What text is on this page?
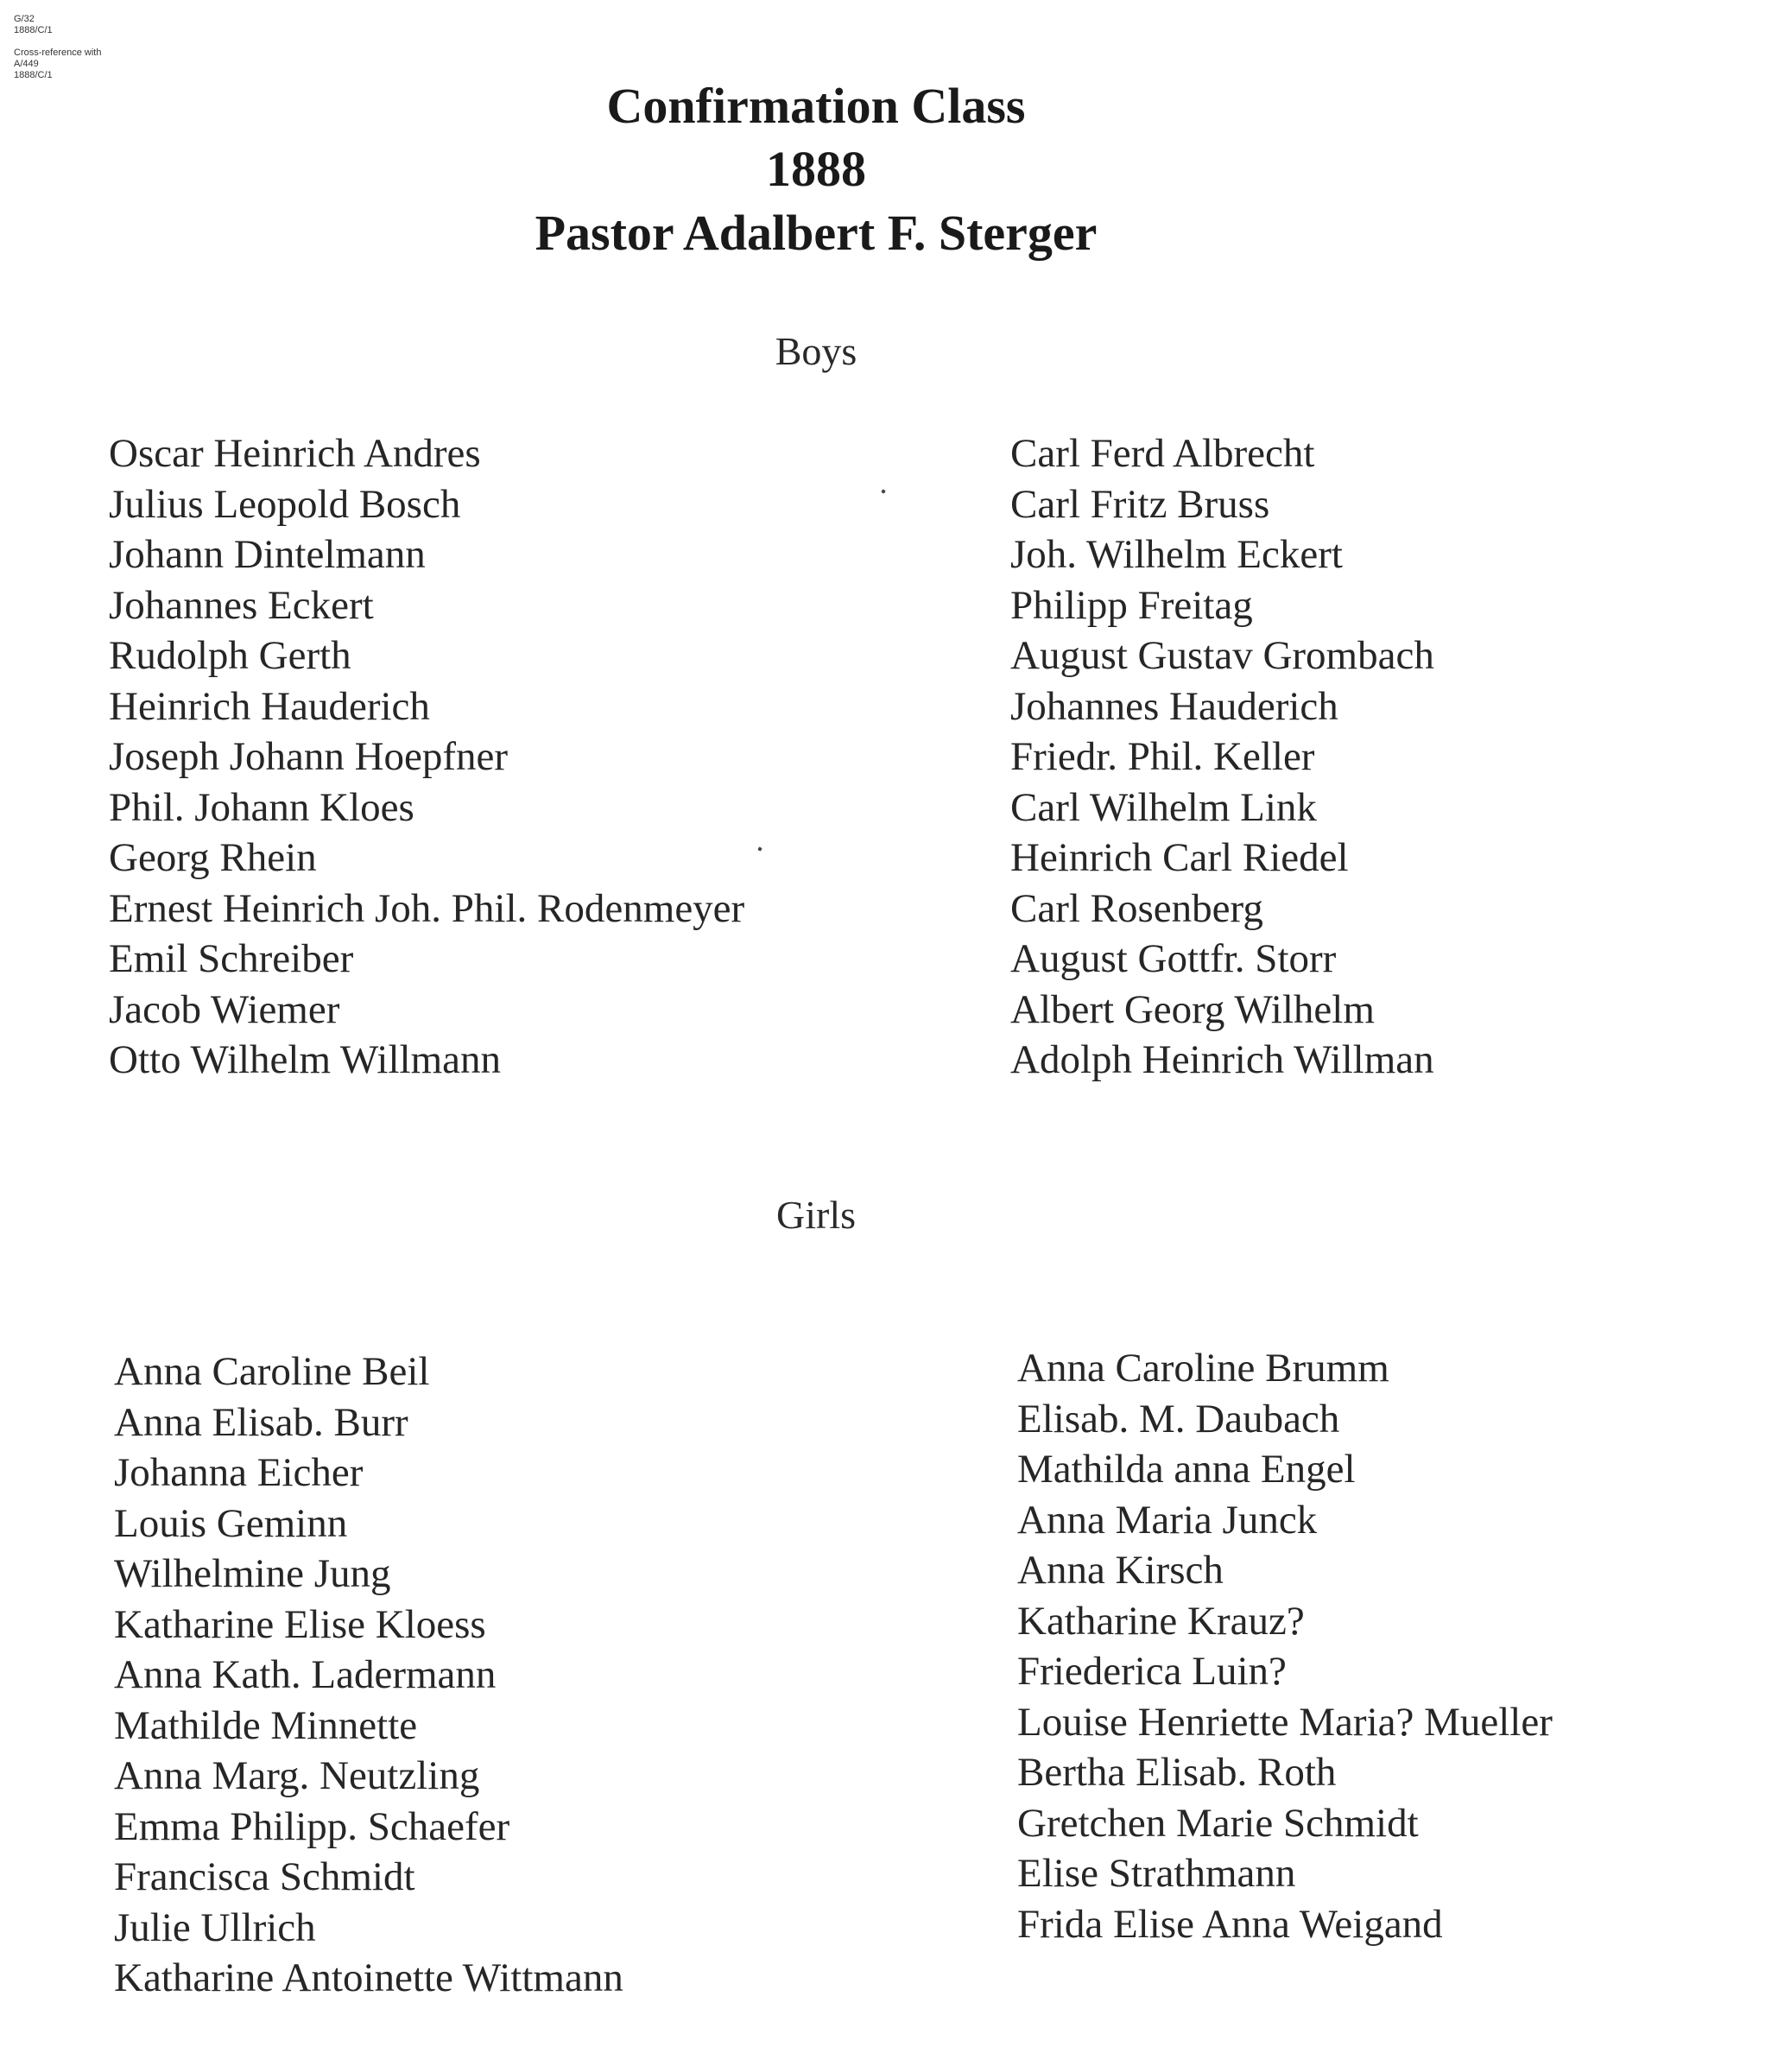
G/32
1888/C/1
Cross-reference with
A/449
1888/C/1
Confirmation Class
1888
Pastor Adalbert F. Sterger
Boys
Oscar Heinrich Andres
Julius Leopold Bosch
Johann Dintelmann
Johannes Eckert
Rudolph Gerth
Heinrich Hauderich
Joseph Johann Hoepfner
Phil. Johann Kloes
Georg Rhein
Ernest Heinrich Joh. Phil. Rodenmeyer
Emil Schreiber
Jacob Wiemer
Otto Wilhelm Willmann
Carl Ferd Albrecht
Carl Fritz Bruss
Joh. Wilhelm Eckert
Philipp Freitag
August Gustav Grombach
Johannes Hauderich
Friedr. Phil. Keller
Carl Wilhelm Link
Heinrich Carl Riedel
Carl Rosenberg
August Gottfr. Storr
Albert Georg Wilhelm
Adolph Heinrich Willman
Girls
Anna Caroline Beil
Anna Elisab. Burr
Johanna Eicher
Louis Geminn
Wilhelmine Jung
Katharine Elise Kloess
Anna Kath. Ladermann
Mathilde Minnette
Anna Marg. Neutzling
Emma Philipp. Schaefer
Francisca Schmidt
Julie Ullrich
Katharine Antoinette Wittmann
Anna Caroline Brumm
Elisab. M. Daubach
Mathilda anna Engel
Anna Maria Junck
Anna Kirsch
Katharine Krauz?
Friederica Luin?
Louise Henriette Maria? Mueller
Bertha Elisab. Roth
Gretchen Marie Schmidt
Elise Strathmann
Frida Elise Anna Weigand
